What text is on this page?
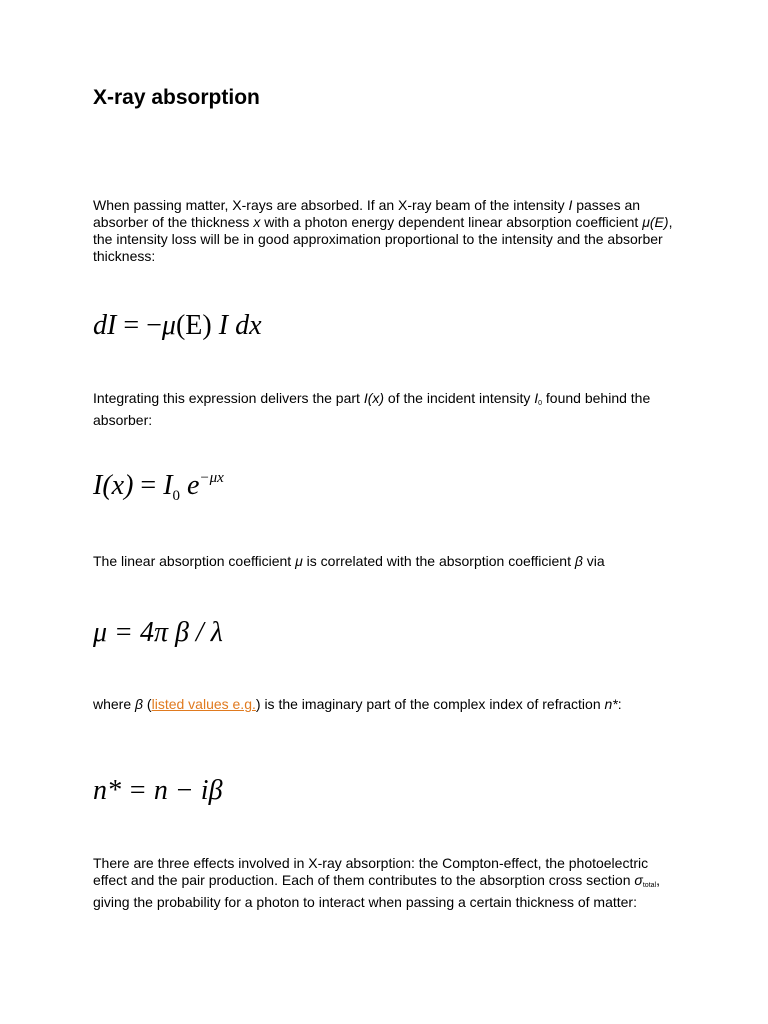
X-ray absorption

When passing matter, X-rays are absorbed. If an X-ray beam of the intensity I passes an absorber of the thickness x with a photon energy dependent linear absorption coefficient μ(E), the intensity loss will be in good approximation proportional to the intensity and the absorber thickness:

dI = −μ(E) I dx

Integrating this expression delivers the part I(x) of the incident intensity $I_0$ found behind the absorber:

$I(x) = I_0$ $e^{-\mu x}$

The linear absorption coefficient μ is correlated with the absorption coefficient β via

μ = 4π β / λ

where β (listed values e.g.) is the imaginary part of the complex index of refraction n*:

n* = n − iβ

There are three effects involved in X-ray absorption: the Compton-effect, the photoelectric effect and the pair production. Each of them contributes to the absorption cross section $\sigma_{total}$, giving the probability for a photon to interact when passing a certain thickness of matter:
